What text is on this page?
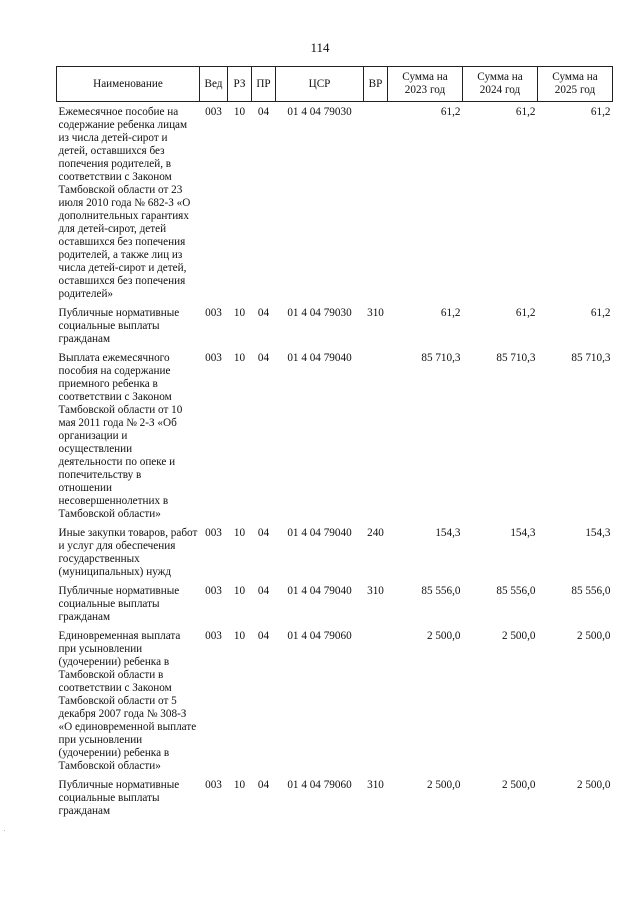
114
Наименование	Вед	РЗ	ПР	ЦСР	ВР	Сумма на 2023 год	Сумма на 2024 год	Сумма на 2025 год
Ежемесячное пособие на содержание ребенка лицам из числа детей-сирот и детей, оставшихся без попечения родителей, в соответствии с Законом Тамбовской области от 23 июля 2010 года № 682-З «О дополнительных гарантиях для детей-сирот, детей оставшихся без попечения родителей, а также лиц из числа детей-сирот и детей, оставшихся без попечения родителей»	003	10	04	01 4 04 79030		61,2	61,2	61,2
Публичные нормативные социальные выплаты гражданам	003	10	04	01 4 04 79030	310	61,2	61,2	61,2
Выплата ежемесячного пособия на содержание приемного ребенка в соответствии с Законом Тамбовской области от 10 мая 2011 года № 2-З «Об организации и осуществлении деятельности по опеке и попечительству в отношении несовершеннолетних в Тамбовской области»	003	10	04	01 4 04 79040		85 710,3	85 710,3	85 710,3
Иные закупки товаров, работ и услуг для обеспечения государственных (муниципальных) нужд	003	10	04	01 4 04 79040	240	154,3	154,3	154,3
Публичные нормативные социальные выплаты гражданам	003	10	04	01 4 04 79040	310	85 556,0	85 556,0	85 556,0
Единовременная выплата при усыновлении (удочерении) ребенка в Тамбовской области в соответствии с Законом Тамбовской области от 5 декабря 2007 года № 308-З «О единовременной выплате при усыновлении (удочерении) ребенка в Тамбовской области»	003	10	04	01 4 04 79060		2 500,0	2 500,0	2 500,0
Публичные нормативные социальные выплаты гражданам	003	10	04	01 4 04 79060	310	2 500,0	2 500,0	2 500,0
